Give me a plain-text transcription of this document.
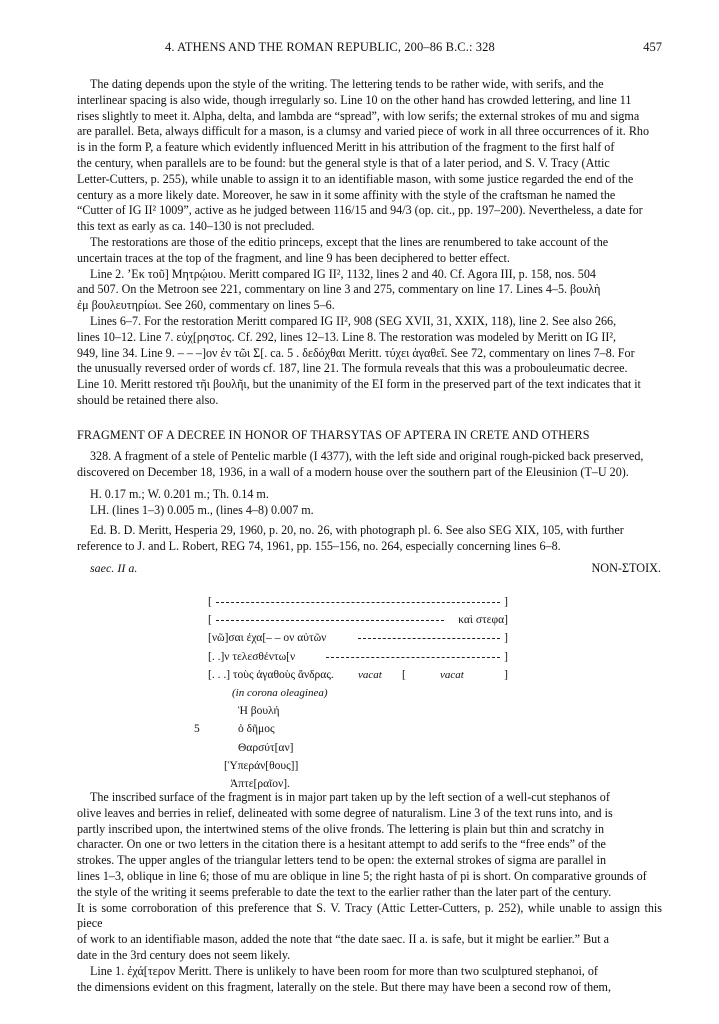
4. ATHENS AND THE ROMAN REPUBLIC, 200–86 B.C.: 328	457

The dating depends upon the style of the writing. The lettering tends to be rather wide, with serifs, and the

interlinear spacing is also wide, though irregularly so. Line 10 on the other hand has crowded lettering, and line 11

rises slightly to meet it. Alpha, delta, and lambda are “spread”, with low serifs; the external strokes of mu and sigma

are parallel. Beta, always difficult for a mason, is a clumsy and varied piece of work in all three occurrences of it. Rho

is in the form P, a feature which evidently influenced Meritt in his attribution of the fragment to the first half of

the century, when parallels are to be found: but the general style is that of a later period, and S. V. Tracy (Attic

Letter-Cutters, p. 255), while unable to assign it to an identifiable mason, with some justice regarded the end of the

century as a more likely date. Moreover, he saw in it some affinity with the style of the craftsman he named the

“Cutter of IG II² 1009”, active as he judged between 116/15 and 94/3 (op. cit., pp. 197–200). Nevertheless, a date for

this text as early as ca. 140–130 is not precluded.

The restorations are those of the editio princeps, except that the lines are renumbered to take account of the

uncertain traces at the top of the fragment, and line 9 has been deciphered to better effect.

Line 2. ’Εκ τοῦ] Μητρῴιου. Meritt compared IG II², 1132, lines 2 and 40. Cf. Agora III, p. 158, nos. 504

and 507. On the Metroon see 221, commentary on line 3 and 275, commentary on line 17. Lines 4–5. βουλὴ

ἐμ βουλευτηρίωι. See 260, commentary on lines 5–6.

Lines 6–7. For the restoration Meritt compared IG II², 908 (SEG XVII, 31, XXIX, 118), line 2. See also 266,

lines 10–12. Line 7. εὐχ[ρηστος. Cf. 292, lines 12–13. Line 8. The restoration was modeled by Meritt on IG II²,

949, line 34. Line 9. – – –]ον ἐν τῶι Σ[. ca. 5 . δεδόχθαι Meritt. τύχει ἀγαθεῖ. See 72, commentary on lines 7–8. For

the unusually reversed order of words cf. 187, line 21. The formula reveals that this was a probouleumatic decree.

Line 10. Meritt restored τῆι βουλῆι, but the unanimity of the EI form in the preserved part of the text indicates that it

should be retained there also.

FRAGMENT OF A DECREE IN HONOR OF THARSYTAS OF APTERA IN CRETE AND OTHERS

328. A fragment of a stele of Pentelic marble (I 4377), with the left side and original rough-picked back preserved,

discovered on December 18, 1936, in a wall of a modern house over the southern part of the Eleusinion (T–U 20).

H. 0.17 m.; W. 0.201 m.; Th. 0.14 m.
LH. (lines 1–3) 0.005 m., (lines 4–8) 0.007 m.

Ed. B. D. Meritt, Hesperia 29, 1960, p. 20, no. 26, with photograph pl. 6. See also SEG XIX, 105, with further

reference to J. and L. Robert, REG 74, 1961, pp. 155–156, no. 264, especially concerning lines 6–8.

saec. II a.	NON-ΣΤΟΙΧ.
[	]
[	καὶ στεφα]
[νῶ]σαι ἐχα[– – ον αὐτῶν	]
[. .]ν τελεσθέντω[ν	]
[. . .] τοὺς ἀγαθοὺς ἄνδρας. vacat [	vacat	]
(in corona oleaginea)
Ἡ βουλή
5	ὁ δῆμος
Θαρσύτ[αν]
[Ὑπεράν[θους]]
Ἀπτε[ραῖον].

The inscribed surface of the fragment is in major part taken up by the left section of a well-cut stephanos of

olive leaves and berries in relief, delineated with some degree of naturalism. Line 3 of the text runs into, and is

partly inscribed upon, the intertwined stems of the olive fronds. The lettering is plain but thin and scratchy in

character. On one or two letters in the citation there is a hesitant attempt to add serifs to the “free ends” of the

strokes. The upper angles of the triangular letters tend to be open: the external strokes of sigma are parallel in

lines 1–3, oblique in line 6; those of mu are oblique in line 5; the right hasta of pi is short. On comparative grounds of

the style of the writing it seems preferable to date the text to the earlier rather than the later part of the century.

It is some corroboration of this preference that S. V. Tracy (Attic Letter-Cutters, p. 252), while unable to assign this piece

of work to an identifiable mason, added the note that “the date saec. II a. is safe, but it might be earlier.” But a

date in the 3rd century does not seem likely.

Line 1. ἐχά[τερον Meritt. There is unlikely to have been room for more than two sculptured stephanoi, of

the dimensions evident on this fragment, laterally on the stele. But there may have been a second row of them,
